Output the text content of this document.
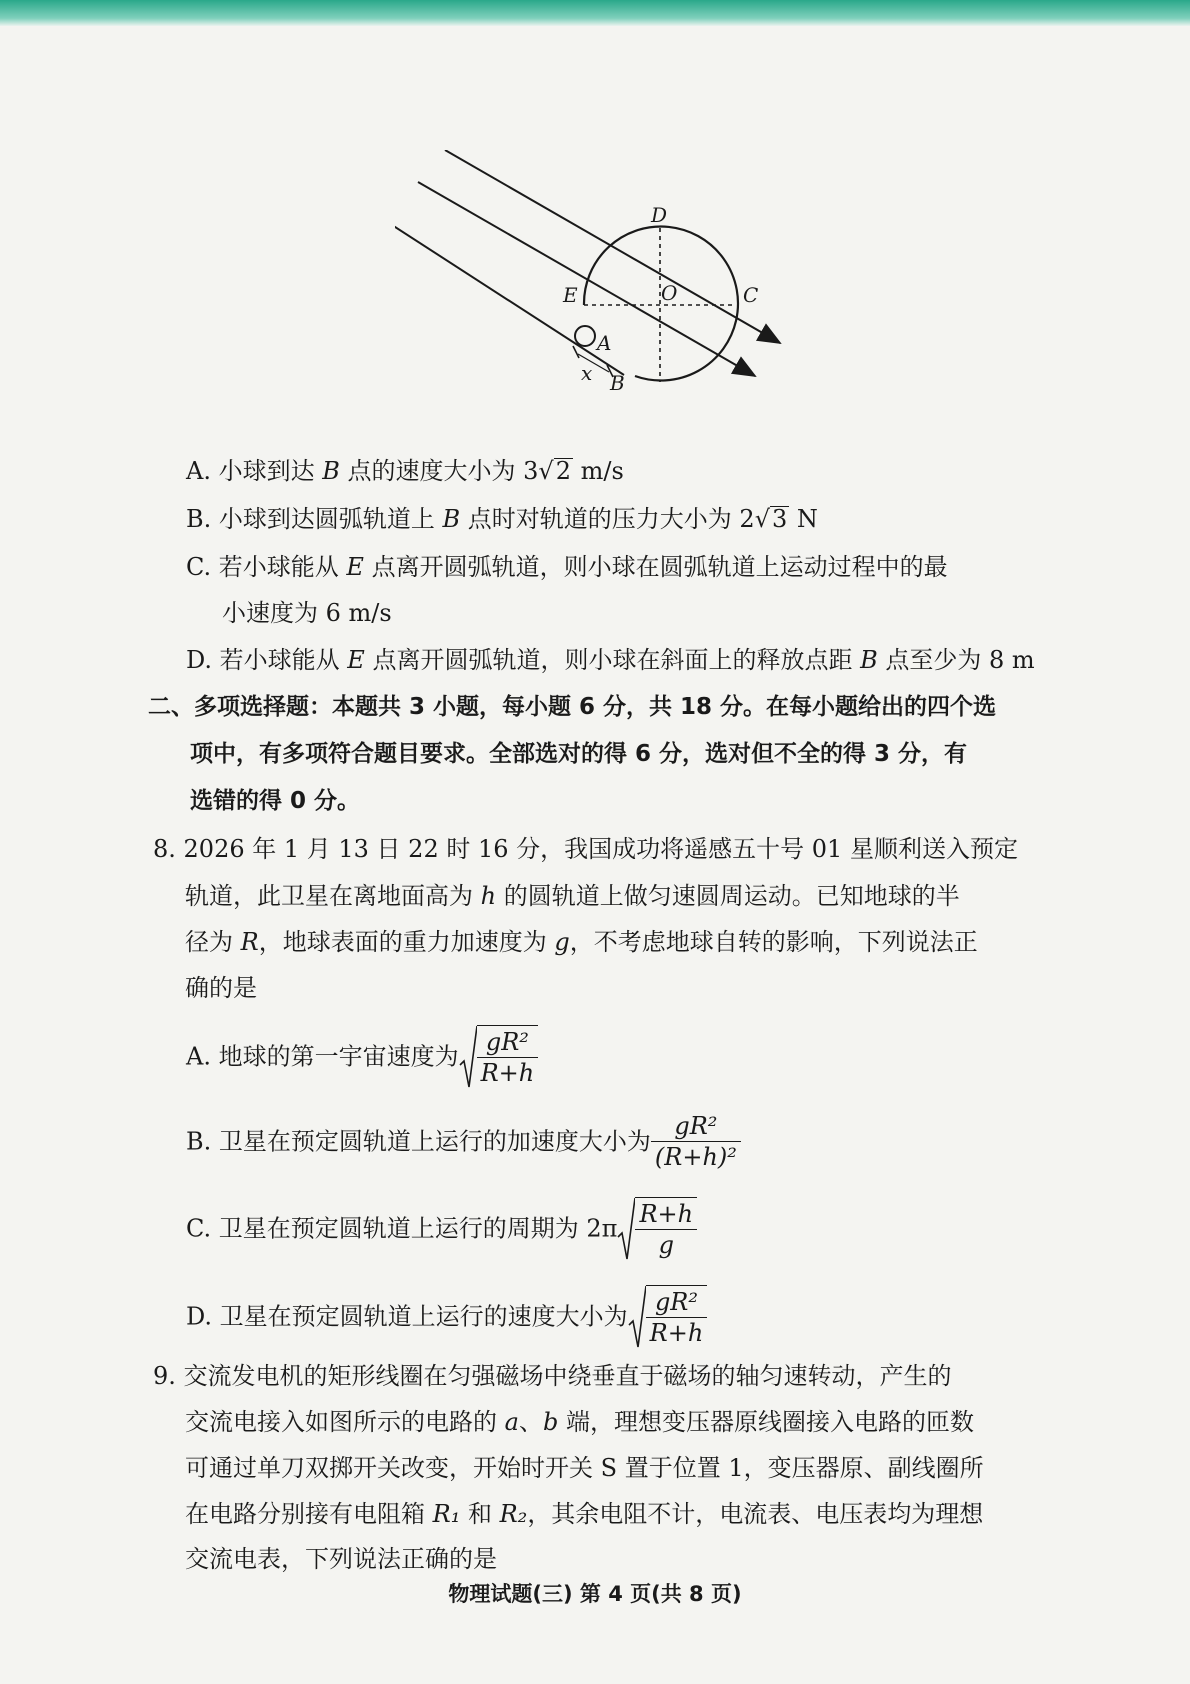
D
E	O	C
A
B
x
A. 小球到达 B 点的速度大小为 3√2 m/s
B. 小球到达圆弧轨道上 B 点时对轨道的压力大小为 2√3 N
C. 若小球能从 E 点离开圆弧轨道，则小球在圆弧轨道上运动过程中的最
小速度为 6 m/s
D. 若小球能从 E 点离开圆弧轨道，则小球在斜面上的释放点距 B 点至少为 8 m
二、多项选择题：本题共 3 小题，每小题 6 分，共 18 分。在每小题给出的四个选
项中，有多项符合题目要求。全部选对的得 6 分，选对但不全的得 3 分，有
选错的得 0 分。
8. 2026 年 1 月 13 日 22 时 16 分，我国成功将遥感五十号 01 星顺利送入预定
轨道，此卫星在离地面高为 h 的圆轨道上做匀速圆周运动。已知地球的半
径为 R，地球表面的重力加速度为 g，不考虑地球自转的影响，下列说法正
确的是
A. 地球的第一宇宙速度为 $\frac{\text{gR²}}{R+h}$
B. 卫星在预定圆轨道上运行的加速度大小为 $\frac{\text{gR²}}{\text{(R+h)²}}$
C. 卫星在预定圆轨道上运行的周期为 $2\pi \frac{R+h}{g}$
D. 卫星在预定圆轨道上运行的速度大小为 $\frac{\text{gR²}}{R+h}$
9. 交流发电机的矩形线圈在匀强磁场中绕垂直于磁场的轴匀速转动，产生的
交流电接入如图所示的电路的 a、b 端，理想变压器原线圈接入电路的匝数
可通过单刀双掷开关改变，开始时开关 S 置于位置 1，变压器原、副线圈所
在电路分别接有电阻箱 R₁ 和 R₂，其余电阻不计，电流表、电压表均为理想
交流电表，下列说法正确的是
物理试题(三) 第 4 页(共 8 页)
